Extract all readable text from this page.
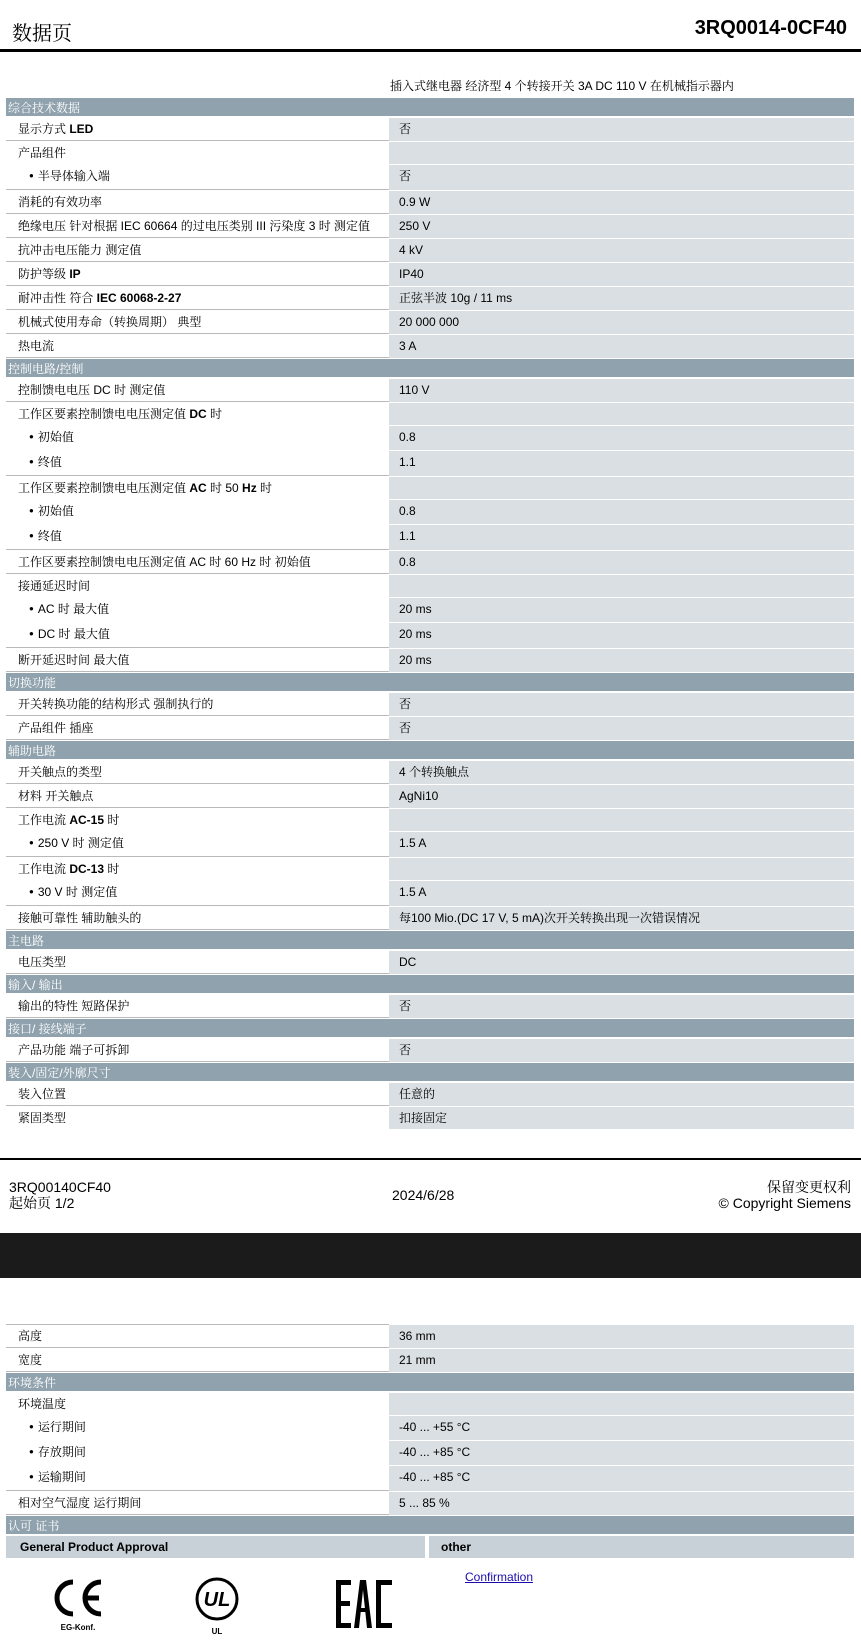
数据页	3RQ0014-0CF40
插入式继电器 经济型 4 个转接开关 3A DC 110 V 在机械指示器内
综合技术数据
显示方式 LED	否
产品组件
● 半导体输入端	否
消耗的有效功率	0.9 W
绝缘电压 针对根据 IEC 60664 的过电压类别 III 污染度 3 时 测定值	250 V
抗冲击电压能力 测定值	4 kV
防护等级 IP	IP40
耐冲击性 符合 IEC 60068-2-27	正弦半波 10g / 11 ms
机械式使用寿命（转换周期） 典型	20 000 000
热电流	3 A
控制电路/控制
控制馈电电压 DC 时 测定值	110 V
工作区要素控制馈电电压测定值 DC 时
● 初始值	0.8
● 终值	1.1
工作区要素控制馈电电压测定值 AC 时 50 Hz 时
● 初始值	0.8
● 终值	1.1
工作区要素控制馈电电压测定值 AC 时 60 Hz 时 初始值	0.8
接通延迟时间
● AC 时 最大值	20 ms
● DC 时 最大值	20 ms
断开延迟时间 最大值	20 ms
切换功能
开关转换功能的结构形式 强制执行的	否
产品组件 插座	否
辅助电路
开关触点的类型	4 个转换触点
材料 开关触点	AgNi10
工作电流 AC-15 时
● 250 V 时 测定值	1.5 A
工作电流 DC-13 时
● 30 V 时 测定值	1.5 A
接触可靠性 辅助触头的	每100 Mio.(DC 17 V, 5 mA)次开关转换出现一次错误情况
主电路
电压类型	DC
输入/ 输出
输出的特性 短路保护	否
接口/ 接线端子
产品功能 端子可拆卸	否
装入/固定/外廓尺寸
装入位置	任意的
紧固类型	扣接固定
3RQ00140CF40
起始页 1/2	2024/6/28	保留变更权利
© Copyright Siemens
高度	36 mm
宽度	21 mm
环境条件
环境温度
● 运行期间	-40 ... +55 °C
● 存放期间	-40 ... +85 °C
● 运输期间	-40 ... +85 °C
相对空气湿度 运行期间	5 ... 85 %
认可 证书
General Product Approval	other
EG-Konf.
UL
UL
Confirmation
